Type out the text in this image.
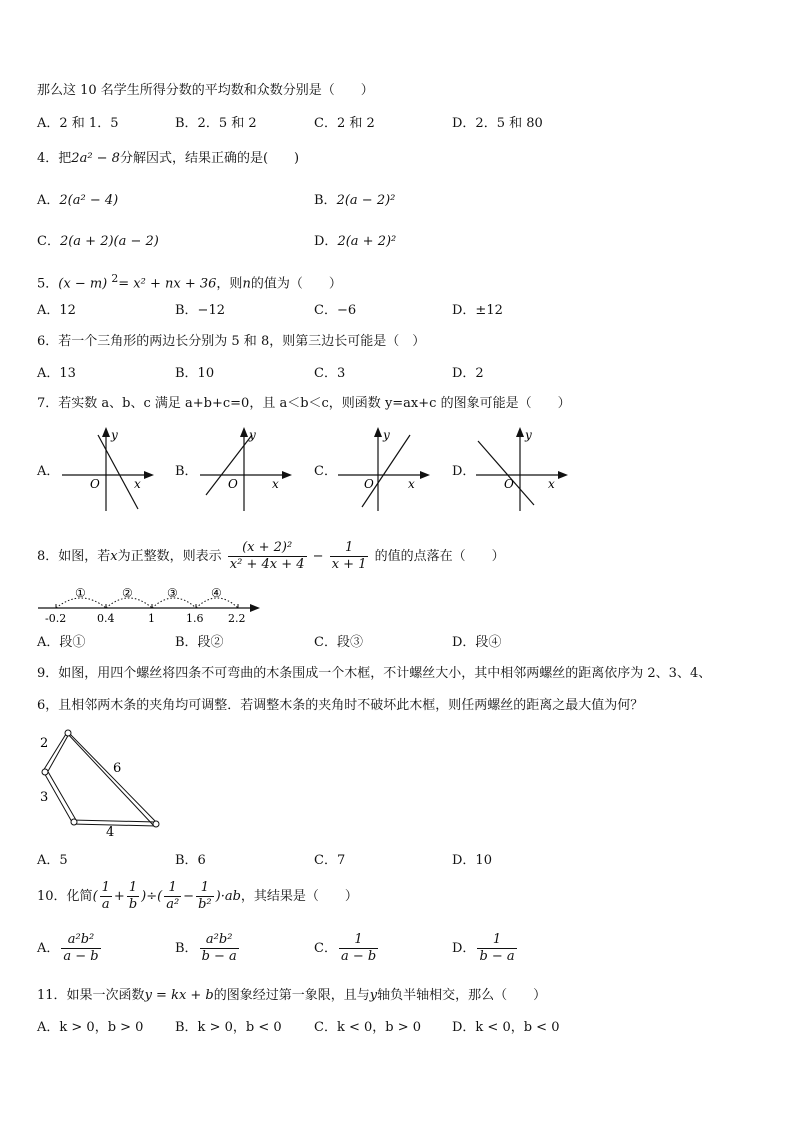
那么这 10 名学生所得分数的平均数和众数分别是（　　）
A．2 和 1．5	B．2．5 和 2	C．2 和 2	D．2．5 和 80
4．把2a² − 8分解因式，结果正确的是(　　)
A．2(a² − 4)	B．2(a − 2)²
C．2(a + 2)(a − 2)	D．2(a + 2)²
5．(x − m) $^2$= x² + nx + 36，则n的值为（　　）
A．12	B．−12	C．−6	D．±12
6．若一个三角形的两边长分别为 5 和 8，则第三边长可能是（　）
A．13	B．10	C．3	D．2
7．若实数 a、b、c 满足 a+b+c=0，且 a＜b＜c，则函数 y=ax+c 的图象可能是（　　）
A．
y
x
O
B．
y
x
O
C．
y
x
O
D．
y
x
O
8．如图，若x为正整数，则表示 $\frac{\text{(x + 2)²}}{\text{x² + 4x + 4}} - \frac{1}{x + 1}$ 的值的点落在（　　）
①	②	③	④
-0.2	0.4	1	1.6 2.2
A．段①	B．段②	C．段③	D．段④
9．如图，用四个螺丝将四条不可弯曲的木条围成一个木框，不计螺丝大小，其中相邻两螺丝的距离依序为 2、3、4、
6，且相邻两木条的夹角均可调整．若调整木条的夹角时不破坏此木框，则任两螺丝的距离之最大值为何？
2
3
4
6
A．5	B．6	C．7	D．10
10．化简( $\frac{1}{a} + \frac{1}{b}$ )÷( $\frac{1}{\text{a²}} - \frac{1}{\text{b²}} )\cdot ab$，其结果是（　　）
A． $\frac{\text{a²b²}}{a - b}$	B． $\frac{\text{a²b²}}{b - a}$	C． $\frac{1}{a - b}$	D． $\frac{1}{b - a}$
11．如果一次函数y = kx + b的图象经过第一象限，且与y轴负半轴相交，那么（　　）
A．k > 0，b > 0 B．k > 0，b < 0 C．k < 0，b > 0 D．k < 0，b < 0
